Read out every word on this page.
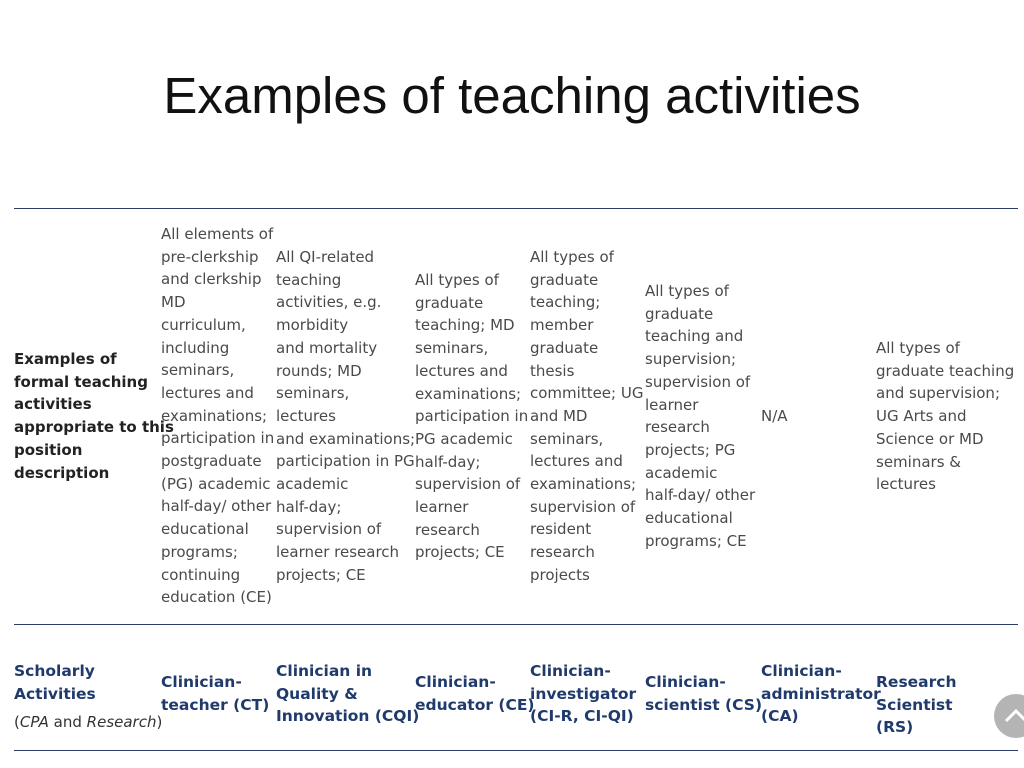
Examples of teaching activities

Examples of
formal teaching
activities
appropriate to this
position
description

All elements of
pre-clerkship
and clerkship
MD
curriculum,
including
seminars,
lectures and
examinations;
participation in
postgraduate
(PG) academic
half-day/ other
educational
programs;
continuing
education (CE)

All QI-related
teaching
activities, e.g.
morbidity
and mortality
rounds; MD
seminars,
lectures
and examinations;
participation in PG
academic
half-day;
supervision of
learner research
projects; CE

All types of
graduate
teaching; MD
seminars,
lectures and
examinations;
participation in
PG academic
half-day;
supervision of
learner
research
projects; CE

All types of
graduate
teaching;
member
graduate
thesis
committee; UG
and MD
seminars,
lectures and
examinations;
supervision of
resident
research
projects

All types of
graduate
teaching and
supervision;
supervision of
learner
research
projects; PG
academic
half-day/ other
educational
programs; CE

N/A

All types of
graduate teaching
and supervision;
UG Arts and
Science or MD
seminars &
lectures

Scholarly
Activities
(CPA and Research)

Clinician-
teacher (CT)

Clinician in
Quality &
Innovation (CQI)

Clinician-
educator (CE)

Clinician-
investigator
(CI-R, CI-QI)

Clinician-
scientist (CS)

Clinician-
administrator
(CA)

Research Scientist
(RS)
